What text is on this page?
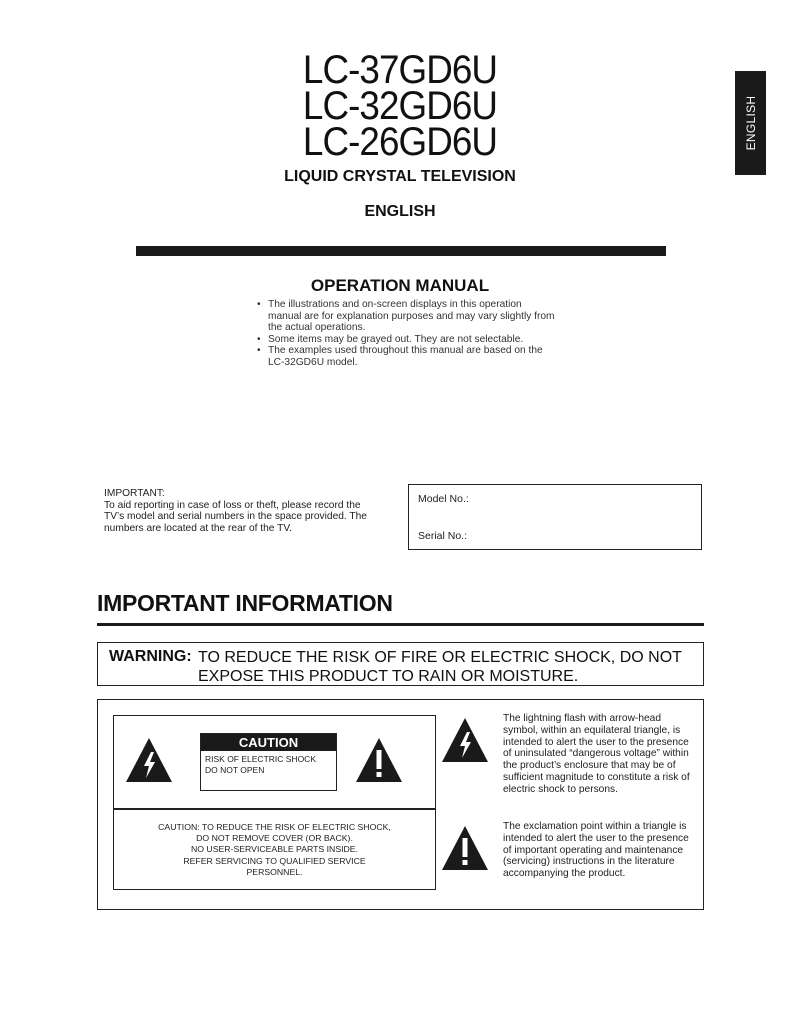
ENGLISH
LC-37GD6U
LC-32GD6U
LC-26GD6U
LIQUID CRYSTAL TELEVISION
ENGLISH
OPERATION MANUAL
• The illustrations and on-screen displays in this operation manual are for explanation purposes and may vary slightly from the actual operations.
• Some items may be grayed out. They are not selectable.
• The examples used throughout this manual are based on the LC-32GD6U model.
IMPORTANT:
To aid reporting in case of loss or theft, please record the TV’s model and serial numbers in the space provided. The numbers are located at the rear of the TV.
Model No.:
Serial No.:
IMPORTANT INFORMATION
WARNING: TO REDUCE THE RISK OF FIRE OR ELECTRIC SHOCK, DO NOT EXPOSE THIS PRODUCT TO RAIN OR MOISTURE.
CAUTION
RISK OF ELECTRIC SHOCK
DO NOT OPEN
CAUTION: TO REDUCE THE RISK OF ELECTRIC SHOCK,
DO NOT REMOVE COVER (OR BACK).
NO USER-SERVICEABLE PARTS INSIDE.
REFER SERVICING TO QUALIFIED SERVICE
PERSONNEL.
The lightning flash with arrow-head symbol, within an equilateral triangle, is intended to alert the user to the presence of uninsulated “dangerous voltage” within the product’s enclosure that may be of sufficient magnitude to constitute a risk of electric shock to persons.
The exclamation point within a triangle is intended to alert the user to the presence of important operating and maintenance (servicing) instructions in the literature accompanying the product.
